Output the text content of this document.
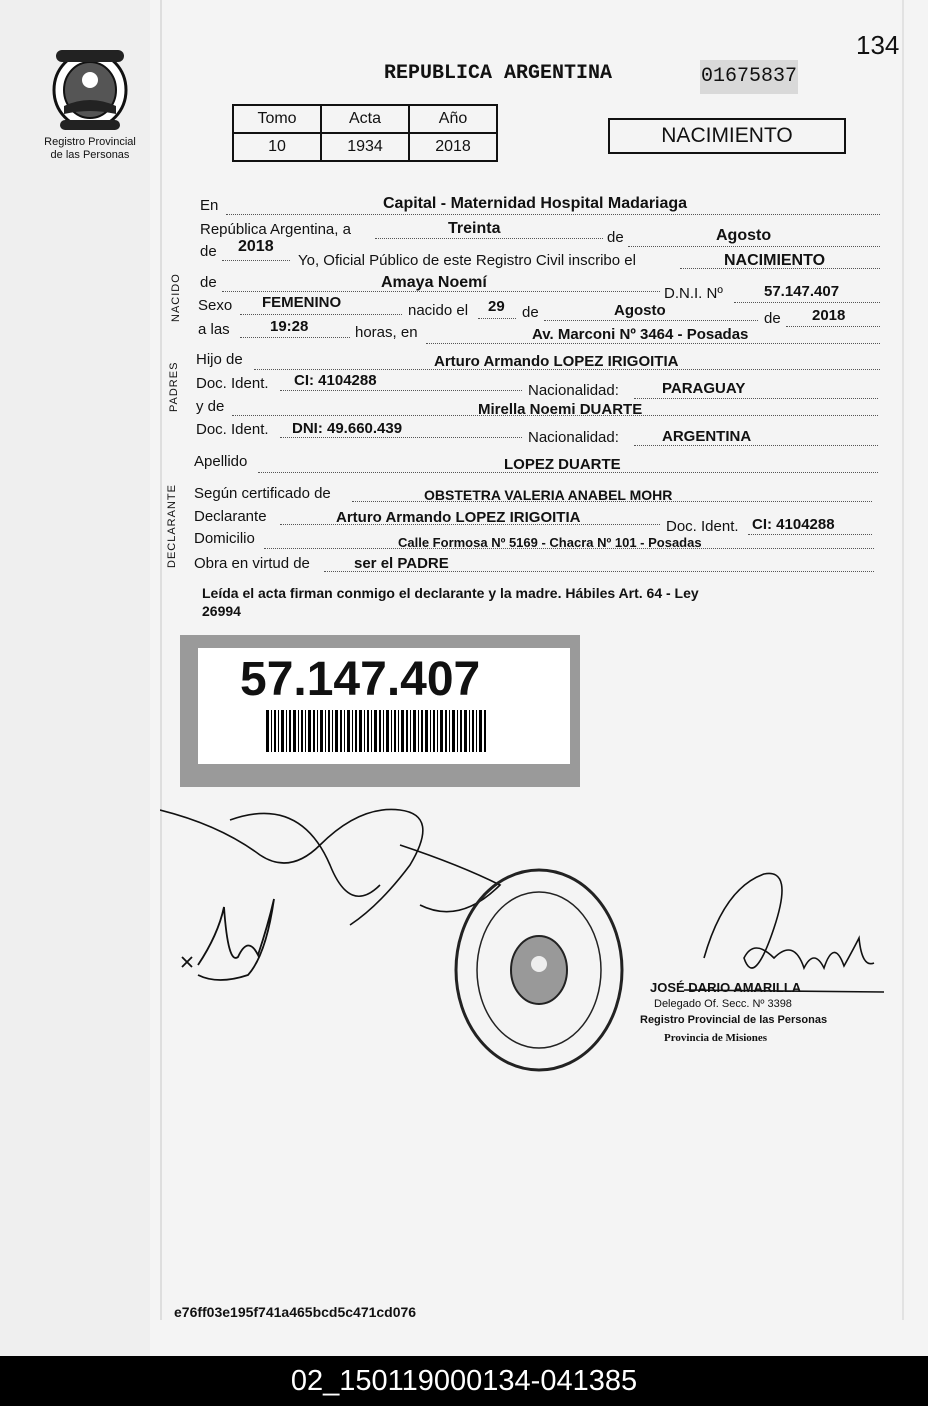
134
Registro Provincial
de las Personas
REPUBLICA ARGENTINA	01675837
Tomo	Acta	Año
10	1934	2018	NACIMIENTO
NACIDO
PADRES
DECLARANTE
En	Capital - Maternidad Hospital Madariaga
República Argentina, a	Treinta
de	Agosto
de 2018
Yo, Oficial Público de este Registro Civil inscribo el	NACIMIENTO
de	Amaya Noemí
D.N.I. Nº	57.147.407
Sexo FEMENINO	nacido el 29 de	Agosto	de 2018
a las	19:28	horas, en	Av. Marconi Nº 3464 - Posadas
Hijo de	Arturo Armando LOPEZ IRIGOITIA
Doc. Ident. CI: 4104288
Nacionalidad:	PARAGUAY
y de	Mirella Noemi DUARTE
Doc. Ident. DNI: 49.660.439
Nacionalidad:	ARGENTINA
Apellido	LOPEZ DUARTE
Según certificado de	OBSTETRA VALERIA ANABEL MOHR
Declarante	Arturo Armando LOPEZ IRIGOITIA
Doc. Ident. CI: 4104288
Domicilio	Calle Formosa Nº 5169 - Chacra Nº 101 - Posadas
Obra en virtud de	ser el PADRE
Leída el acta firman conmigo el declarante y la madre. Hábiles Art. 64 - Ley
26994
57.147.407
JOSÉ DARIO AMARILLA
Delegado Of. Secc. Nº 3398
Registro Provincial de las Personas
Provincia de Misiones
e76ff03e195f741a465bcd5c471cd076
02_150119000134-041385
